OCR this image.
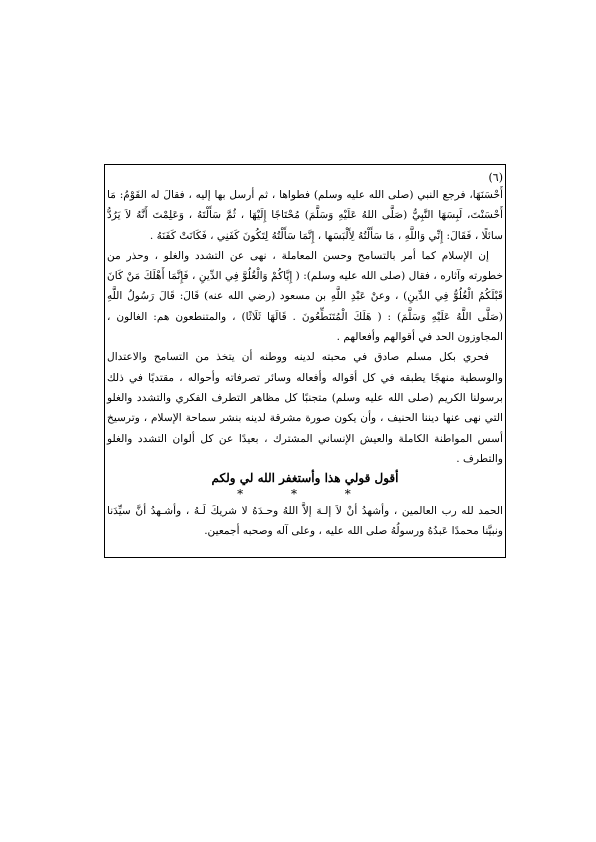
(٦)

أَحْسَنَهَا، فرجع النبي (صلى الله عليه وسلم) فطواها ، ثم أرسل بها إليه ، فقالَ له القَوْمُ: مَا أَحْسَنْتَ، لَبِسَهَا النَّبِيُّ (صَلَّى اللهُ عَلَيْهِ وَسَلَّمَ) مُحْتَاجًا إِلَيْهَا ، ثُمَّ سَأَلْتَهُ ، وَعَلِمْتَ أَنَّهُ لاَ يَرُدُّ سائلًا ، فَقَالَ: إِنِّي وَاللَّهِ ، مَا سَأَلْتُهُ لِأَلْبَسَها ، إِنَّمَا سَأَلْتُهُ لِتَكُونَ كَفَنِي ، فَكَانَتْ كَفَنَهُ .

إن الإسلام كما أمر بالتسامح وحسن المعاملة ، نهى عن التشدد والغلو ، وحذر من خطورته وآثاره ، فقال (صلى الله عليه وسلم): ( إِيَّاكُمْ وَالْغُلُوَّ فِي الدِّينِ ، فَإِنَّمَا أَهْلَكَ مَنْ كَانَ قَبْلَكُمُ الْغُلُوُّ فِي الدِّينِ) ، وعنْ عَبْدِ اللَّهِ بن مسعود (رضي الله عنه) قَالَ: قَالَ رَسُولُ اللَّهِ (صَلَّى اللَّهُ عَلَيْهِ وَسَلَّمَ) : ( هَلَكَ الْمُتَنَطِّعُونَ . قَالَهَا ثَلَاثًا) ، والمتنطعون هم: الغالون ، المجاوزون الحد في أقوالهم وأفعالهم .

فحري بكل مسلم صادق في محبته لدينه ووطنه أن يتخذ من التسامح والاعتدال والوسطية منهجًا يطبقه في كل أقواله وأفعاله وسائر تصرفاته وأحواله ، مقتديًا في ذلك برسولنا الكريم (صلى الله عليه وسلم) متجنبًا كل مظاهر التطرف الفكري والتشدد والغلو التي نهى عنها ديننا الحنيف ، وأن يكون صورة مشرقة لدينه بنشر سماحة الإسلام ، وترسيخ أسس المواطنة الكاملة والعيش الإنساني المشترك ، بعيدًا عن كل ألوان التشدد والغلو والتطرف .

أقول قولي هذا وأستغفر الله لي ولكم
* * *

الحمد لله رب العالمين ، وأشهدُ أنْ لاَ إلـهَ إلاَّ اللهُ وحـدَهُ لا شريكَ لَـهُ ، وأشـهدُ أنَّ سيِّدَنا ونبيَّنا محمدًا عَبدُهُ ورسولُهُ صلى الله عليه ، وعلى آله وصحبه أجمعين.
